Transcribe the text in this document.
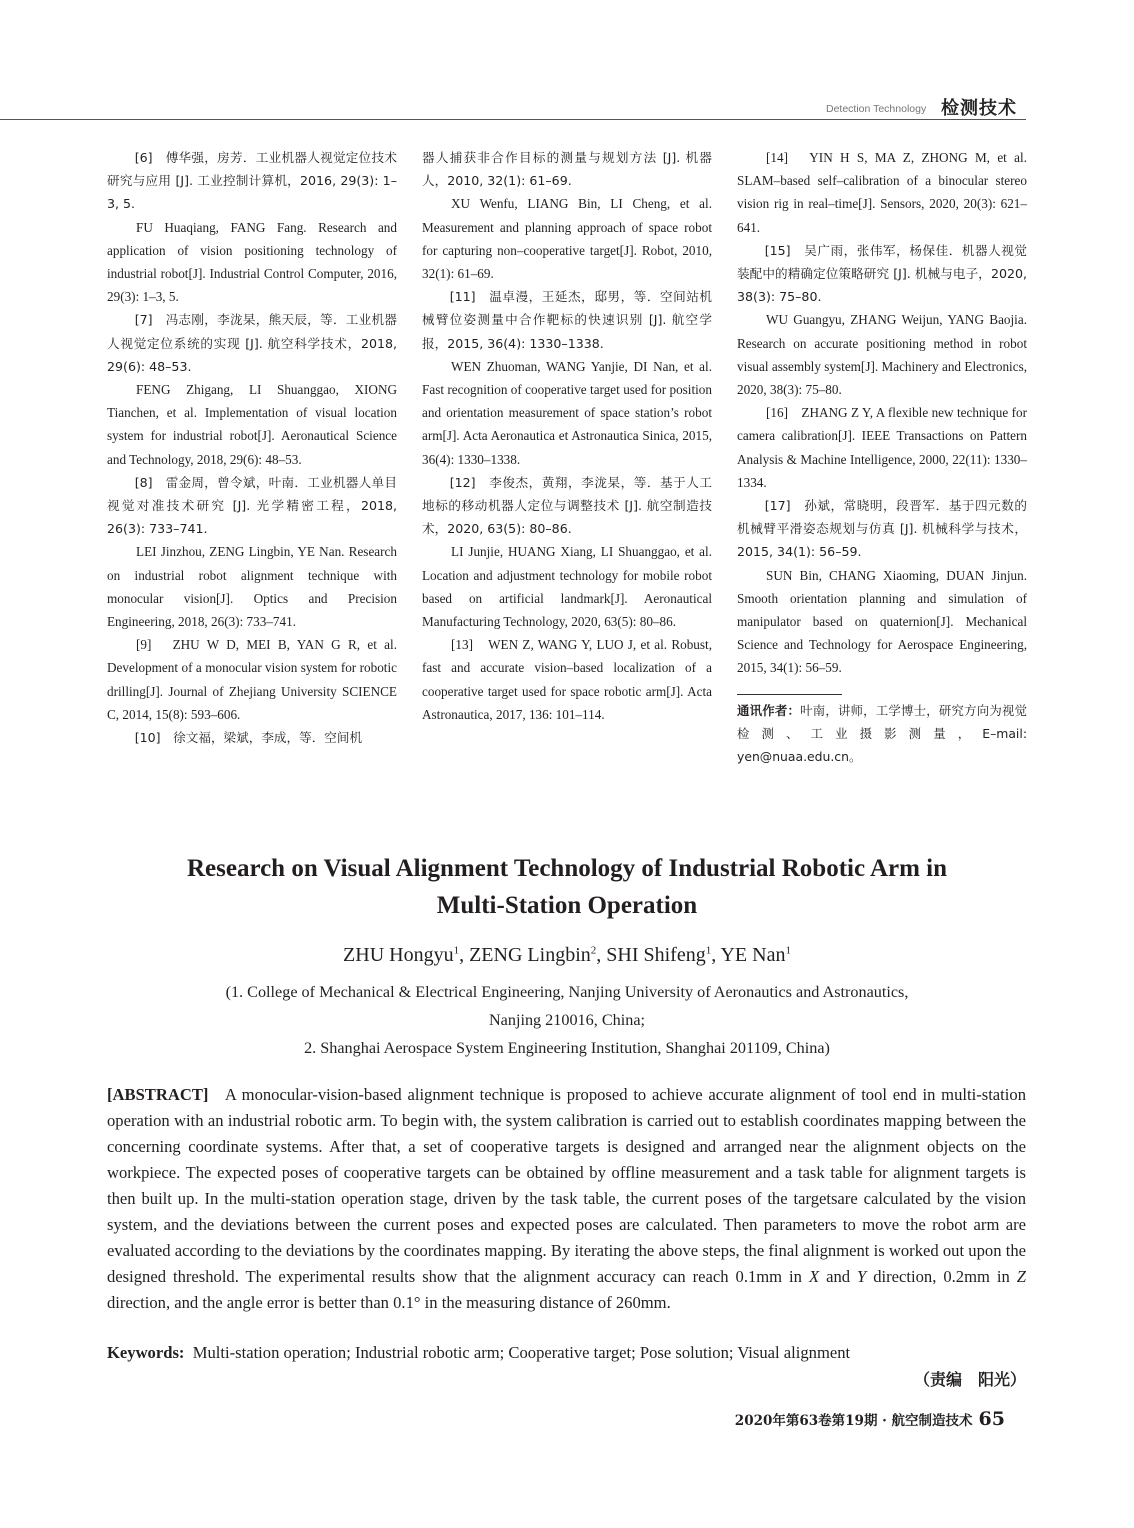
Detection Technology 检测技术

[6]　傅华强，房芳．工业机器人视觉定位技术研究与应用 [J]. 工业控制计算机，2016, 29(3): 1–3, 5.

FU Huaqiang, FANG Fang. Research and application of vision positioning technology of industrial robot[J]. Industrial Control Computer, 2016, 29(3): 1–3, 5.

[7]　冯志刚，李泷杲，熊天辰，等．工业机器人视觉定位系统的实现 [J]. 航空科学技术，2018, 29(6): 48–53.

FENG Zhigang, LI Shuanggao, XIONG Tianchen, et al. Implementation of visual location system for industrial robot[J]. Aeronautical Science and Technology, 2018, 29(6): 48–53.

[8]　雷金周，曾令斌，叶南．工业机器人单目视觉对准技术研究 [J]. 光学精密工程，2018, 26(3): 733–741.

LEI Jinzhou, ZENG Lingbin, YE Nan. Research on industrial robot alignment technique with monocular vision[J]. Optics and Precision Engineering, 2018, 26(3): 733–741.

[9]　ZHU W D, MEI B, YAN G R, et al. Development of a monocular vision system for robotic drilling[J]. Journal of Zhejiang University SCIENCE C, 2014, 15(8): 593–606.

[10]　徐文福，梁斌，李成，等．空间机

器人捕获非合作目标的测量与规划方法 [J]. 机器人，2010, 32(1): 61–69.

XU Wenfu, LIANG Bin, LI Cheng, et al. Measurement and planning approach of space robot for capturing non–cooperative target[J]. Robot, 2010, 32(1): 61–69.

[11]　温卓漫，王延杰，邸男，等．空间站机械臂位姿测量中合作靶标的快速识别 [J]. 航空学报，2015, 36(4): 1330–1338.

WEN Zhuoman, WANG Yanjie, DI Nan, et al. Fast recognition of cooperative target used for position and orientation measurement of space station’s robot arm[J]. Acta Aeronautica et Astronautica Sinica, 2015, 36(4): 1330–1338.

[12]　李俊杰，黄翔，李泷杲，等．基于人工地标的移动机器人定位与调整技术 [J]. 航空制造技术，2020, 63(5): 80–86.

LI Junjie, HUANG Xiang, LI Shuanggao, et al. Location and adjustment technology for mobile robot based on artificial landmark[J]. Aeronautical Manufacturing Technology, 2020, 63(5): 80–86.

[13]　WEN Z, WANG Y, LUO J, et al. Robust, fast and accurate vision–based localization of a cooperative target used for space robotic arm[J]. Acta Astronautica, 2017, 136: 101–114.

[14]　YIN H S, MA Z, ZHONG M, et al. SLAM–based self–calibration of a binocular stereo vision rig in real–time[J]. Sensors, 2020, 20(3): 621–641.

[15]　吴广雨，张伟军，杨保佳．机器人视觉装配中的精确定位策略研究 [J]. 机械与电子，2020, 38(3): 75–80.

WU Guangyu, ZHANG Weijun, YANG Baojia. Research on accurate positioning method in robot visual assembly system[J]. Machinery and Electronics, 2020, 38(3): 75–80.

[16]　ZHANG Z Y, A flexible new technique for camera calibration[J]. IEEE Transactions on Pattern Analysis & Machine Intelligence, 2000, 22(11): 1330–1334.

[17]　孙斌，常晓明，段晋军．基于四元数的机械臂平滑姿态规划与仿真 [J]. 机械科学与技术，2015, 34(1): 56–59.

SUN Bin, CHANG Xiaoming, DUAN Jinjun. Smooth orientation planning and simulation of manipulator based on quaternion[J]. Mechanical Science and Technology for Aerospace Engineering, 2015, 34(1): 56–59.

通讯作者：叶南，讲师，工学博士，研究方向为视觉检测、工业摄影测量，E–mail: yen@nuaa.edu.cn。

Research on Visual Alignment Technology of Industrial Robotic Arm in
Multi-Station Operation
ZHU Hongyu$^1$, ZENG Lingbin$^2$, SHI Shifeng$^1$, YE Nan$^1$
(1. College of Mechanical & Electrical Engineering, Nanjing University of Aeronautics and Astronautics,
Nanjing 210016, China;
2. Shanghai Aerospace System Engineering Institution, Shanghai 201109, China)
[ABSTRACT] A monocular-vision-based alignment technique is proposed to achieve accurate alignment of tool end in multi-station operation with an industrial robotic arm. To begin with, the system calibration is carried out to establish coordinates mapping between the concerning coordinate systems. After that, a set of cooperative targets is designed and arranged near the alignment objects on the workpiece. The expected poses of cooperative targets can be obtained by offline measurement and a task table for alignment targets is then built up. In the multi-station operation stage, driven by the task table, the current poses of the targetsare calculated by the vision system, and the deviations between the current poses and expected poses are calculated. Then parameters to move the robot arm are evaluated according to the deviations by the coordinates mapping. By iterating the above steps, the final alignment is worked out upon the designed threshold. The experimental results show that the alignment accuracy can reach 0.1mm in X and Y direction, 0.2mm in Z direction, and the angle error is better than 0.1° in the measuring distance of 260mm.
Keywords: Multi-station operation; Industrial robotic arm; Cooperative target; Pose solution; Visual alignment
（责编　阳光）
2020年第63卷第19期 · 航空制造技术 65
